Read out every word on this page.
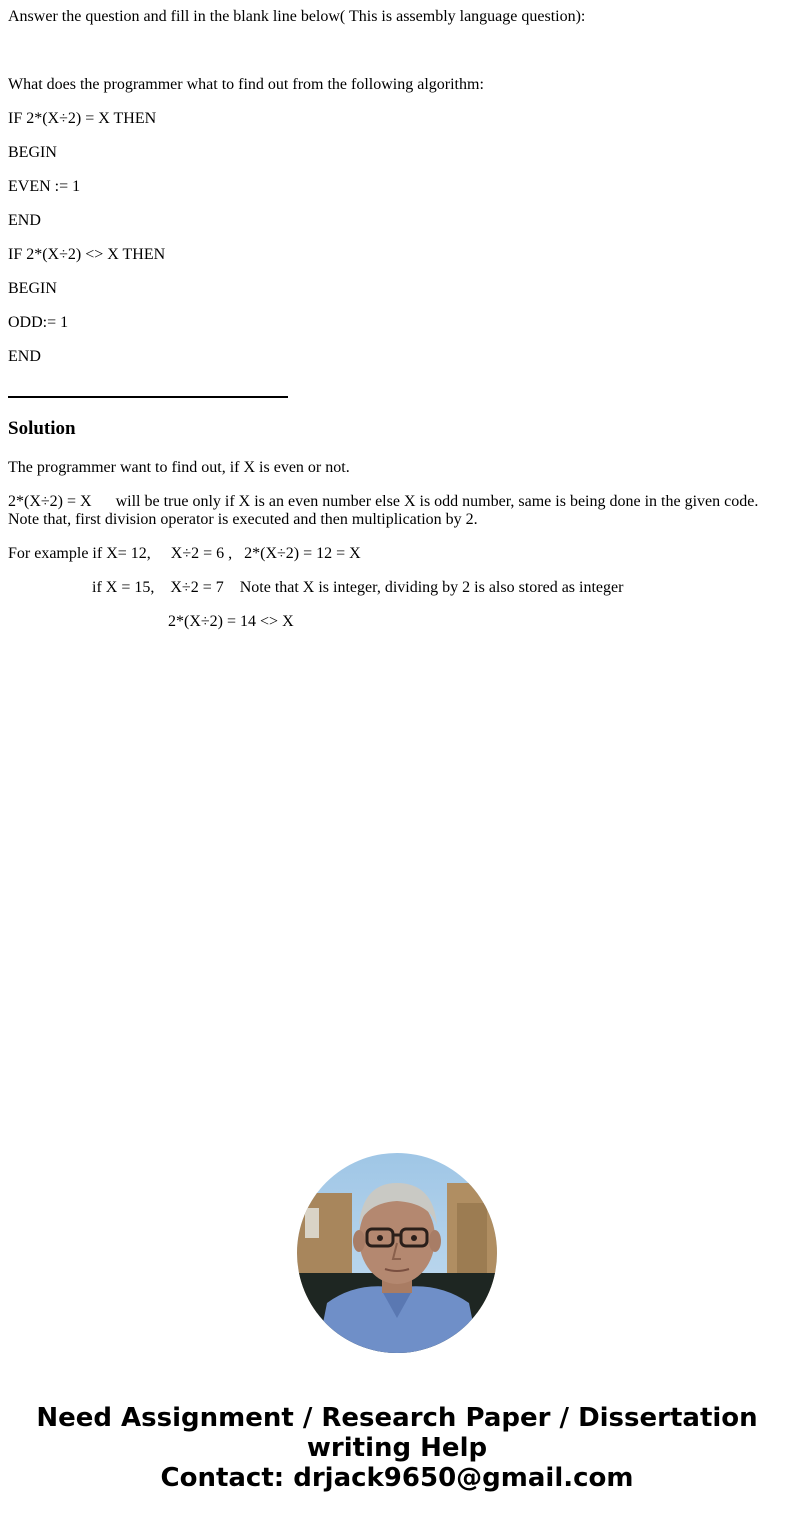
Answer the question and fill in the blank line below( This is assembly language question):
What does the programmer what to find out from the following algorithm:
IF 2*(X÷2) = X THEN
BEGIN
EVEN := 1
END
IF 2*(X÷2) <> X THEN
BEGIN
ODD:= 1
END
Solution
The programmer want to find out, if X is even or not.
2*(X÷2) = X      will be true only if X is an even number else X is odd number, same is being done in the given code. Note that, first division operator is executed and then multiplication by 2.
For example if X= 12,     X÷2 = 6 ,   2*(X÷2) = 12 = X
if X = 15,    X÷2 = 7    Note that X is integer, dividing by 2 is also stored as integer
2*(X÷2) = 14 <> X
Need Assignment / Research Paper / Dissertation
writing Help
Contact: drjack9650@gmail.com
